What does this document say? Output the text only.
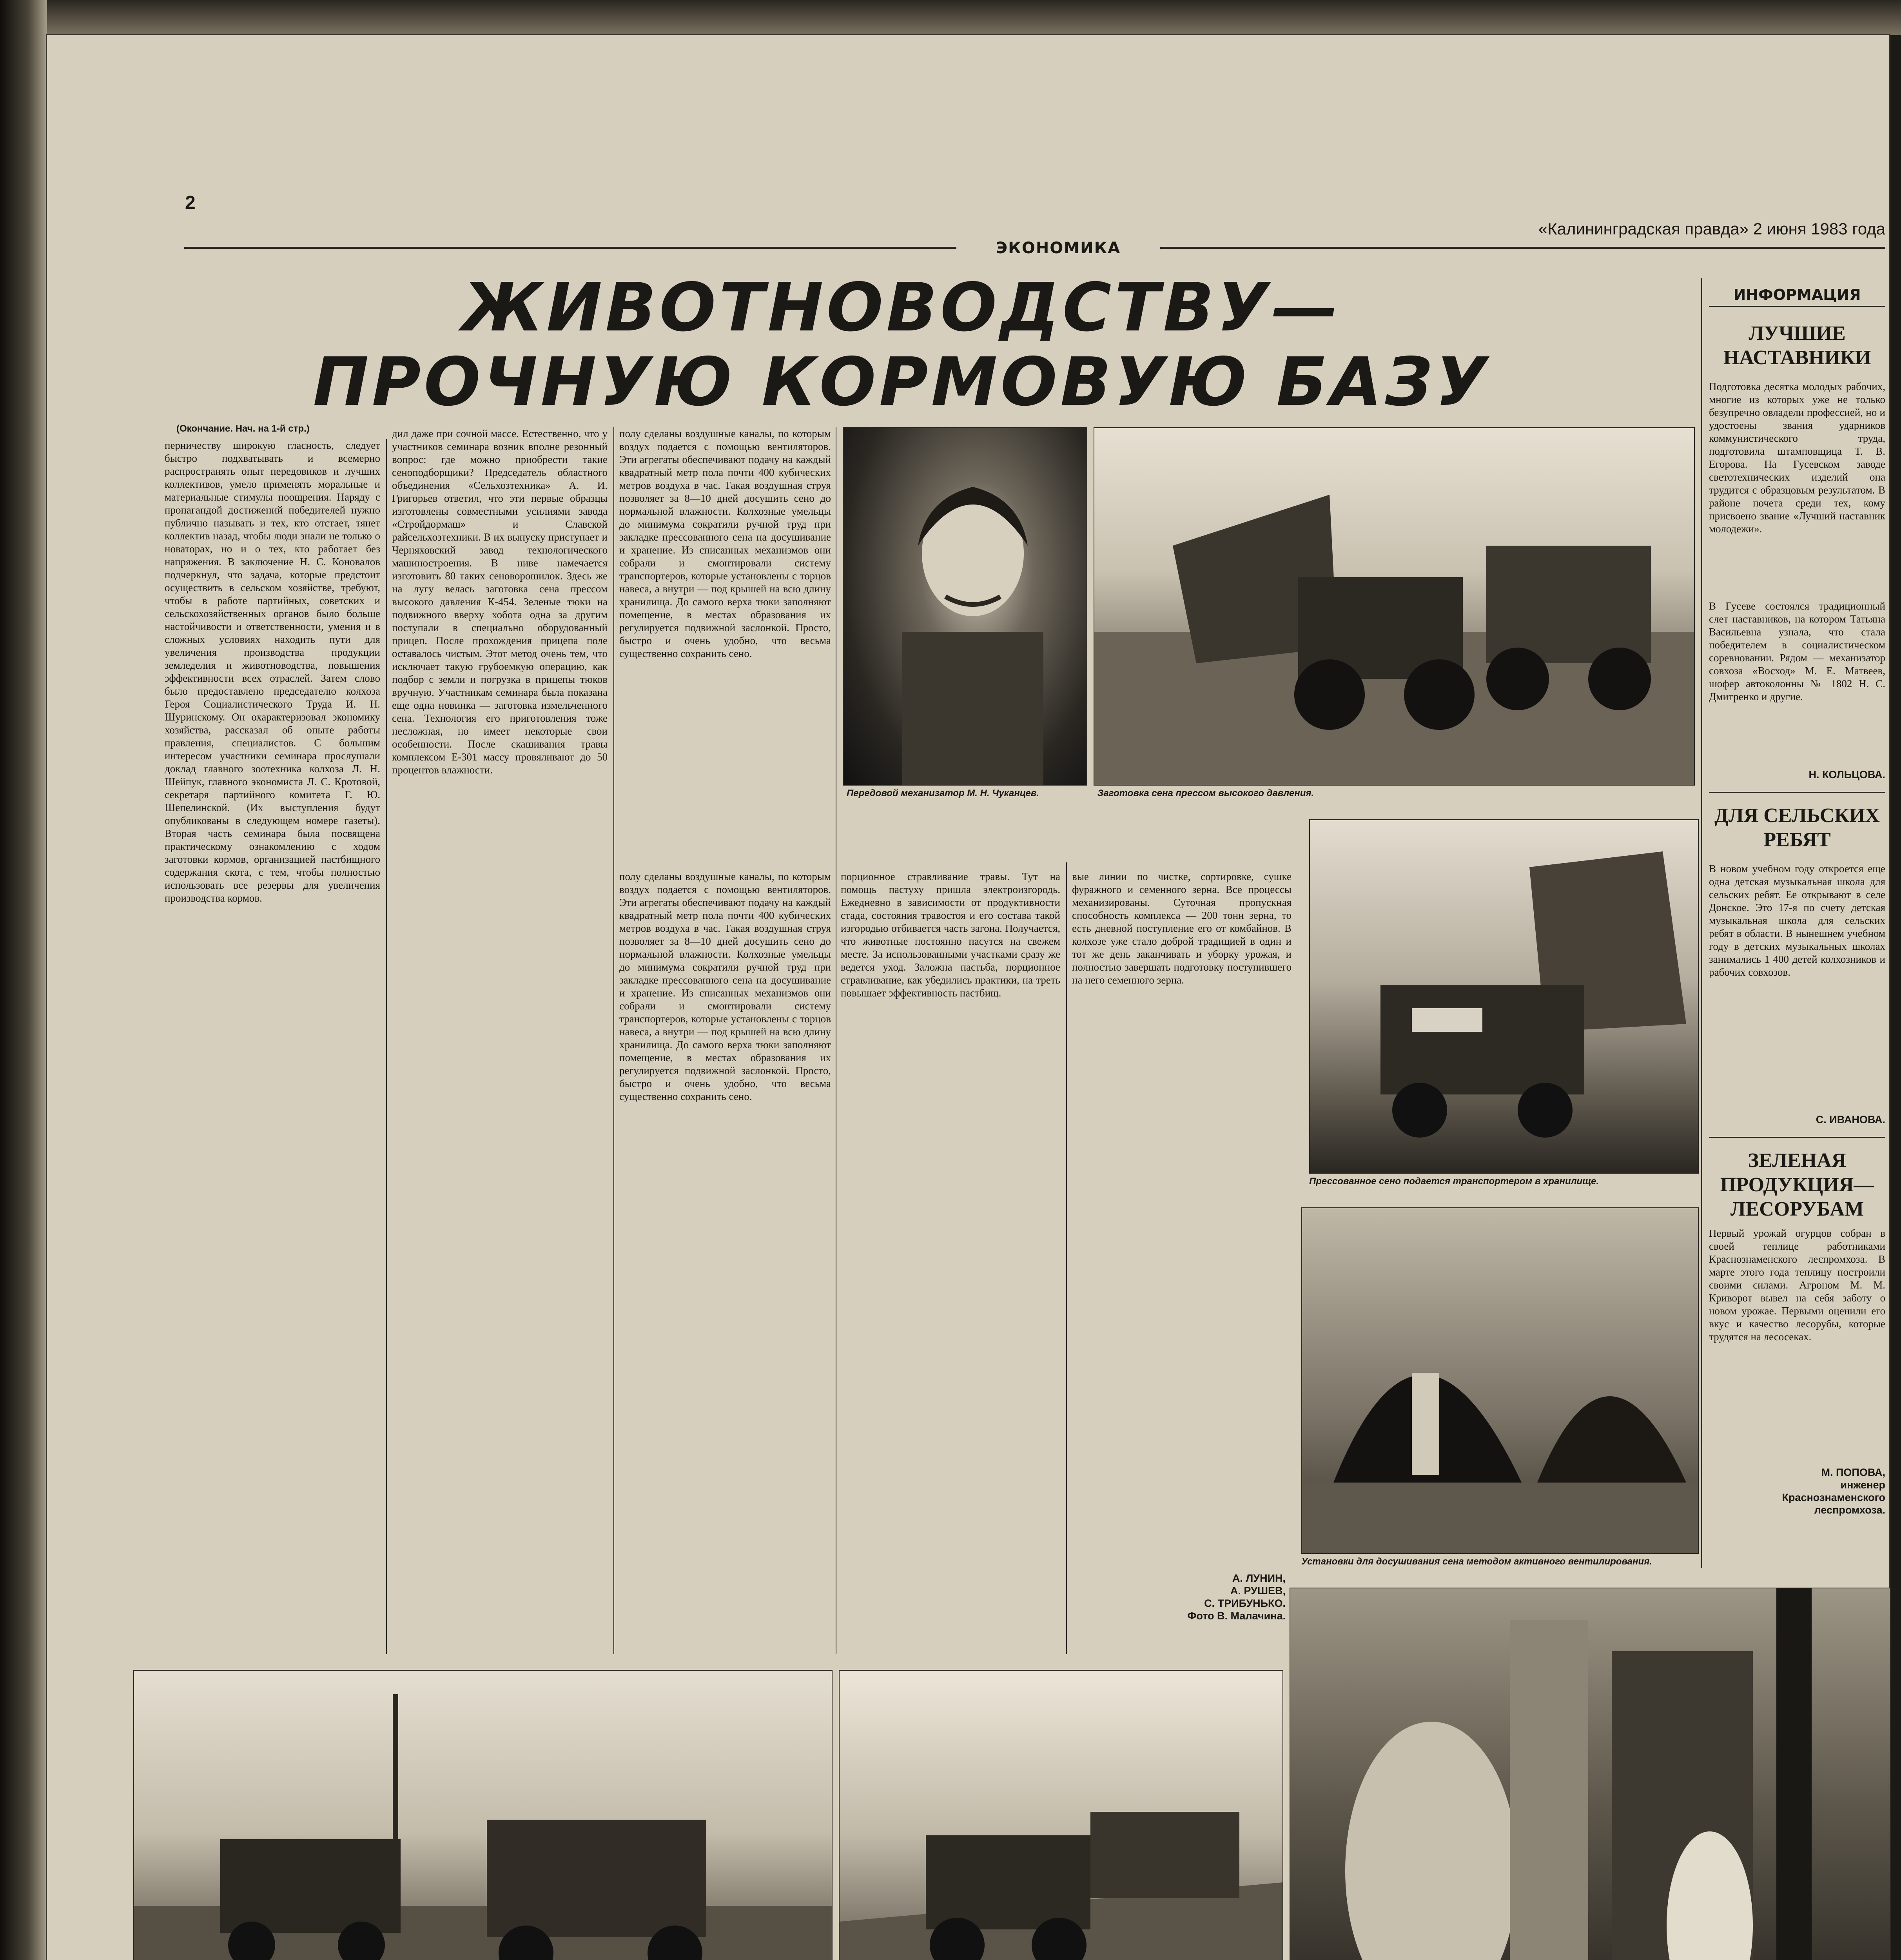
2
«Калининградская правда» 2 июня 1983 года
ЭКОНОМИКА
ЖИВОТНОВОДСТВУ—
ПРОЧНУЮ КОРМОВУЮ БАЗУ
(Окончание. Нач. на 1-й стр.)
перничеству широкую гласность, следует быстро подхватывать и всемерно распространять опыт передовиков и лучших коллективов, умело применять моральные и материальные стимулы поощрения. Наряду с пропагандой достижений победителей нужно публично называть и тех, кто отстает, тянет коллектив назад, чтобы люди знали не только о новаторах, но и о тех, кто работает без напряжения. В заключение Н. С. Коновалов подчеркнул, что задача, которые предстоит осуществить в сельском хозяйстве, требуют, чтобы в работе партийных, советских и сельскохозяйственных органов было больше настойчивости и ответственности, умения и в сложных условиях находить пути для увеличения производства продукции земледелия и животноводства, повышения эффективности всех отраслей. Затем слово было предоставлено председателю колхоза Героя Социалистического Труда И. Н. Шуринскому. Он охарактеризовал экономику хозяйства, рассказал об опыте работы правления, специалистов. С большим интересом участники семинара прослушали доклад главного зоотехника колхоза Л. Н. Шейпук, главного экономиста Л. С. Кротовой, секретаря партийного комитета Г. Ю. Шепелинской. (Их выступления будут опубликованы в следующем номере газеты). Вторая часть семинара была посвящена практическому ознакомлению с ходом заготовки кормов, организацией пастбищного содержания скота, с тем, чтобы полностью использовать все резервы для увеличения производства кормов.
дил даже при сочной массе. Естественно, что у участников семинара возник вполне резонный вопрос: где можно приобрести такие сеноподборщики? Председатель областного объединения «Сельхозтехника» А. И. Григорьев ответил, что эти первые образцы изготовлены совместными усилиями завода «Стройдормаш» и Славской райсельхозтехники. В их выпуску приступает и Черняховский завод технологического машиностроения. В ниве намечается изготовить 80 таких сеноворошилок. Здесь же на лугу велась заготовка сена прессом высокого давления К-454. Зеленые тюки на подвижного вверху хобота одна за другим поступали в специально оборудованный прицеп. После прохождения прицепа поле оставалось чистым. Этот метод очень тем, что исключает такую грубоемкую операцию, как подбор с земли и погрузка в прицепы тюков вручную. Участникам семинара была показана еще одна новинка — заготовка измельченного сена. Технология его приготовления тоже несложная, но имеет некоторые свои особенности. После скашивания травы комплексом Е-301 массу провяливают до 50 процентов влажности.
полу сделаны воздушные каналы, по которым воздух подается с помощью вентиляторов. Эти агрегаты обеспечивают подачу на каждый квадратный метр пола почти 400 кубических метров воздуха в час. Такая воздушная струя позволяет за 8—10 дней досушить сено до нормальной влажности. Колхозные умельцы до минимума сократили ручной труд при закладке прессованного сена на досушивание и хранение. Из списанных механизмов они собрали и смонтировали систему транспортеров, которые установлены с торцов навеса, а внутри — под крышей на всю длину хранилища. До самого верха тюки заполняют помещение, в местах образования их регулируется подвижной заслонкой. Просто, быстро и очень удобно, что весьма существенно сохранить сено.
полу сделаны воздушные каналы, по которым воздух подается с помощью вентиляторов. Эти агрегаты обеспечивают подачу на каждый квадратный метр пола почти 400 кубических метров воздуха в час. Такая воздушная струя позволяет за 8—10 дней досушить сено до нормальной влажности. Колхозные умельцы до минимума сократили ручной труд при закладке прессованного сена на досушивание и хранение. Из списанных механизмов они собрали и смонтировали систему транспортеров, которые установлены с торцов навеса, а внутри — под крышей на всю длину хранилища. До самого верха тюки заполняют помещение, в местах образования их регулируется подвижной заслонкой. Просто, быстро и очень удобно, что весьма существенно сохранить сено.
порционное стравливание травы. Тут на помощь пастуху пришла электроизгородь. Ежедневно в зависимости от продуктивности стада, состояния травостоя и его состава такой изгородью отбивается часть загона. Получается, что животные постоянно пасутся на свежем месте. За использованными участками сразу же ведется уход. Заложна пастьба, порционное стравливание, как убедились практики, на треть повышает эффективность пастбищ.
вые линии по чистке, сортировке, сушке фуражного и семенного зерна. Все процессы механизированы. Суточная пропускная способность комплекса — 200 тонн зерна, то есть дневной поступление его от комбайнов. В колхозе уже стало доброй традицией в один и тот же день заканчивать и уборку урожая, и полностью завершать подготовку поступившего на него семенного зерна.
А. ЛУНИН,
А. РУШЕВ,
С. ТРИБУНЬКО.
Фото В. Малачина.
Передовой механизатор М. Н. Чуканцев.	Заготовка сена прессом высокого давления.
Прессованное сено подается транспортером в хранилище.
Установки для досушивания сена методом активного вентилирования.
ИНФОРМАЦИЯ
ЛУЧШИЕ НАСТАВНИКИ
Подготовка десятка молодых рабочих, многие из которых уже не только безупречно овладели профессией, но и удостоены звания ударников коммунистического труда, подготовила штамповщица Т. В. Егорова. На Гусевском заводе светотехнических изделий она трудится с образцовым результатом. В районе почета среди тех, кому присвоено звание «Лучший наставник молодежи».
В Гусеве состоялся традиционный слет наставников, на котором Татьяна Васильевна узнала, что стала победителем в социалистическом соревновании. Рядом — механизатор совхоза «Восход» М. Е. Матвеев, шофер автоколонны № 1802 Н. С. Дмитренко и другие.
Н. КОЛЬЦОВА.
ДЛЯ СЕЛЬСКИХ РЕБЯТ
В новом учебном году откроется еще одна детская музыкальная школа для сельских ребят. Ее открывают в селе Донское. Это 17-я по счету детская музыкальная школа для сельских ребят в области. В нынешнем учебном году в детских музыкальных школах занимались 1 400 детей колхозников и рабочих совхозов.
С. ИВАНОВА.
ЗЕЛЕНАЯ ПРОДУКЦИЯ—ЛЕСОРУБАМ
Первый урожай огурцов собран в своей теплице работниками Краснознаменского леспромхоза. В марте этого года теплицу построили своими силами. Агроном М. М. Криворот вывел на себя заботу о новом урожае. Первыми оценили его вкус и качество лесорубы, которые трудятся на лесосеках.
М. ПОПОВА,
инженер
Краснознаменского
леспромхоза.
